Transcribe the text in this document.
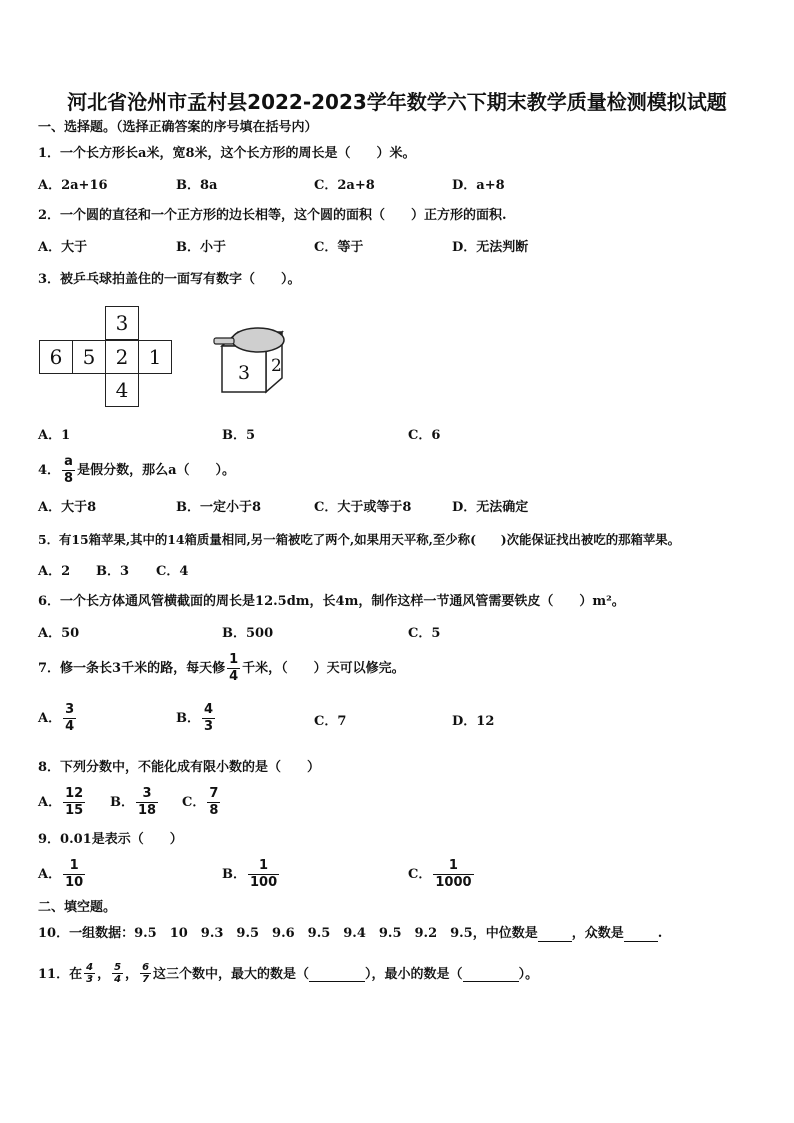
河北省沧州市孟村县2022-2023学年数学六下期末教学质量检测模拟试题
一、选择题。（选择正确答案的序号填在括号内）
1．一个长方形长a米，宽8米，这个长方形的周长是（　　）米。
A．2a+16	B．8a	C．2a+8	D．a+8
2．一个圆的直径和一个正方形的边长相等，这个圆的面积（　　）正方形的面积.
A．大于	B．小于	C．等于	D．无法判断
3．被乒乓球拍盖住的一面写有数字（　　）。
3
6	5	2	1
4
3 2
A．1	B．5	C．6
4． $\frac{a}{8}$ 是假分数，那么a（　　）。
A．大于8	B．一定小于8	C．大于或等于8	D．无法确定
5．有15箱苹果,其中的14箱质量相同,另一箱被吃了两个,如果用天平称,至少称(　　)次能保证找出被吃的那箱苹果。
A．2 B．3 C．4
6．一个长方体通风管横截面的周长是12.5dm，长4m，制作这样一节通风管需要铁皮（　　）m²。
A．50	B．500	C．5
7．修一条长3千米的路，每天修 $\frac{1}{4}$ 千米，（　　）天可以修完。
A． $\frac{3}{4}$	B． $\frac{4}{3}$	C．7	D．12
8．下列分数中，不能化成有限小数的是（　　）
A． $\frac{12}{15}$ B． $\frac{3}{18}$ C． $\frac{7}{8}$
9．0.01是表示（　　）
A． $\frac{1}{10}$	B． $\frac{1}{100}$	C． $\frac{1}{1000}$
二、填空题。
10．一组数据：9.5　10　9.3　9.5　9.6　9.5　9.4　9.5　9.2　9.5，中位数是	，众数是	.
11．在 $\frac{4}{3}$ ， $\frac{5}{4}$ ， $\frac{6}{7}$ 这三个数中，最大的数是（	），最小的数是（	）。
